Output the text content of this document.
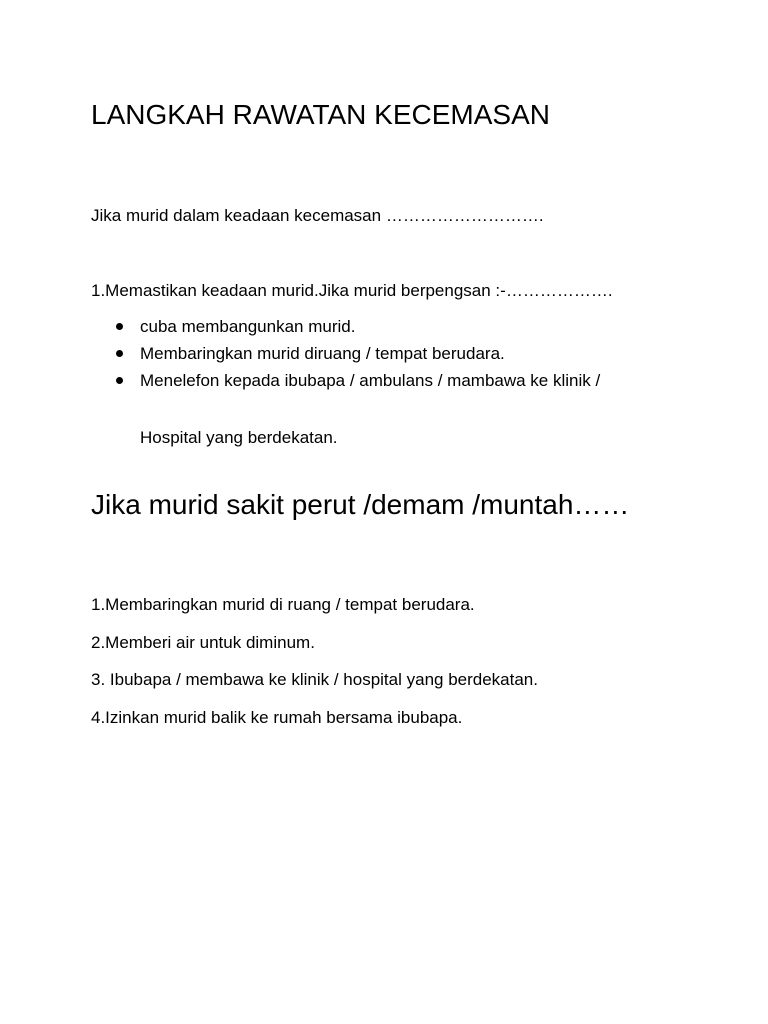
LANGKAH RAWATAN KECEMASAN

Jika murid dalam keadaan kecemasan ……………………….

1.Memastikan keadaan murid.Jika murid berpengsan :-……………….

cuba membangunkan murid.
Membaringkan murid diruang / tempat berudara.
Menelefon kepada ibubapa / ambulans / mambawa ke klinik /

Hospital yang berdekatan.

Jika murid sakit perut /demam /muntah……
1.Membaringkan murid di ruang / tempat berudara.
2.Memberi air untuk diminum.
3. Ibubapa / membawa ke klinik / hospital yang berdekatan.
4.Izinkan murid balik ke rumah bersama ibubapa.
